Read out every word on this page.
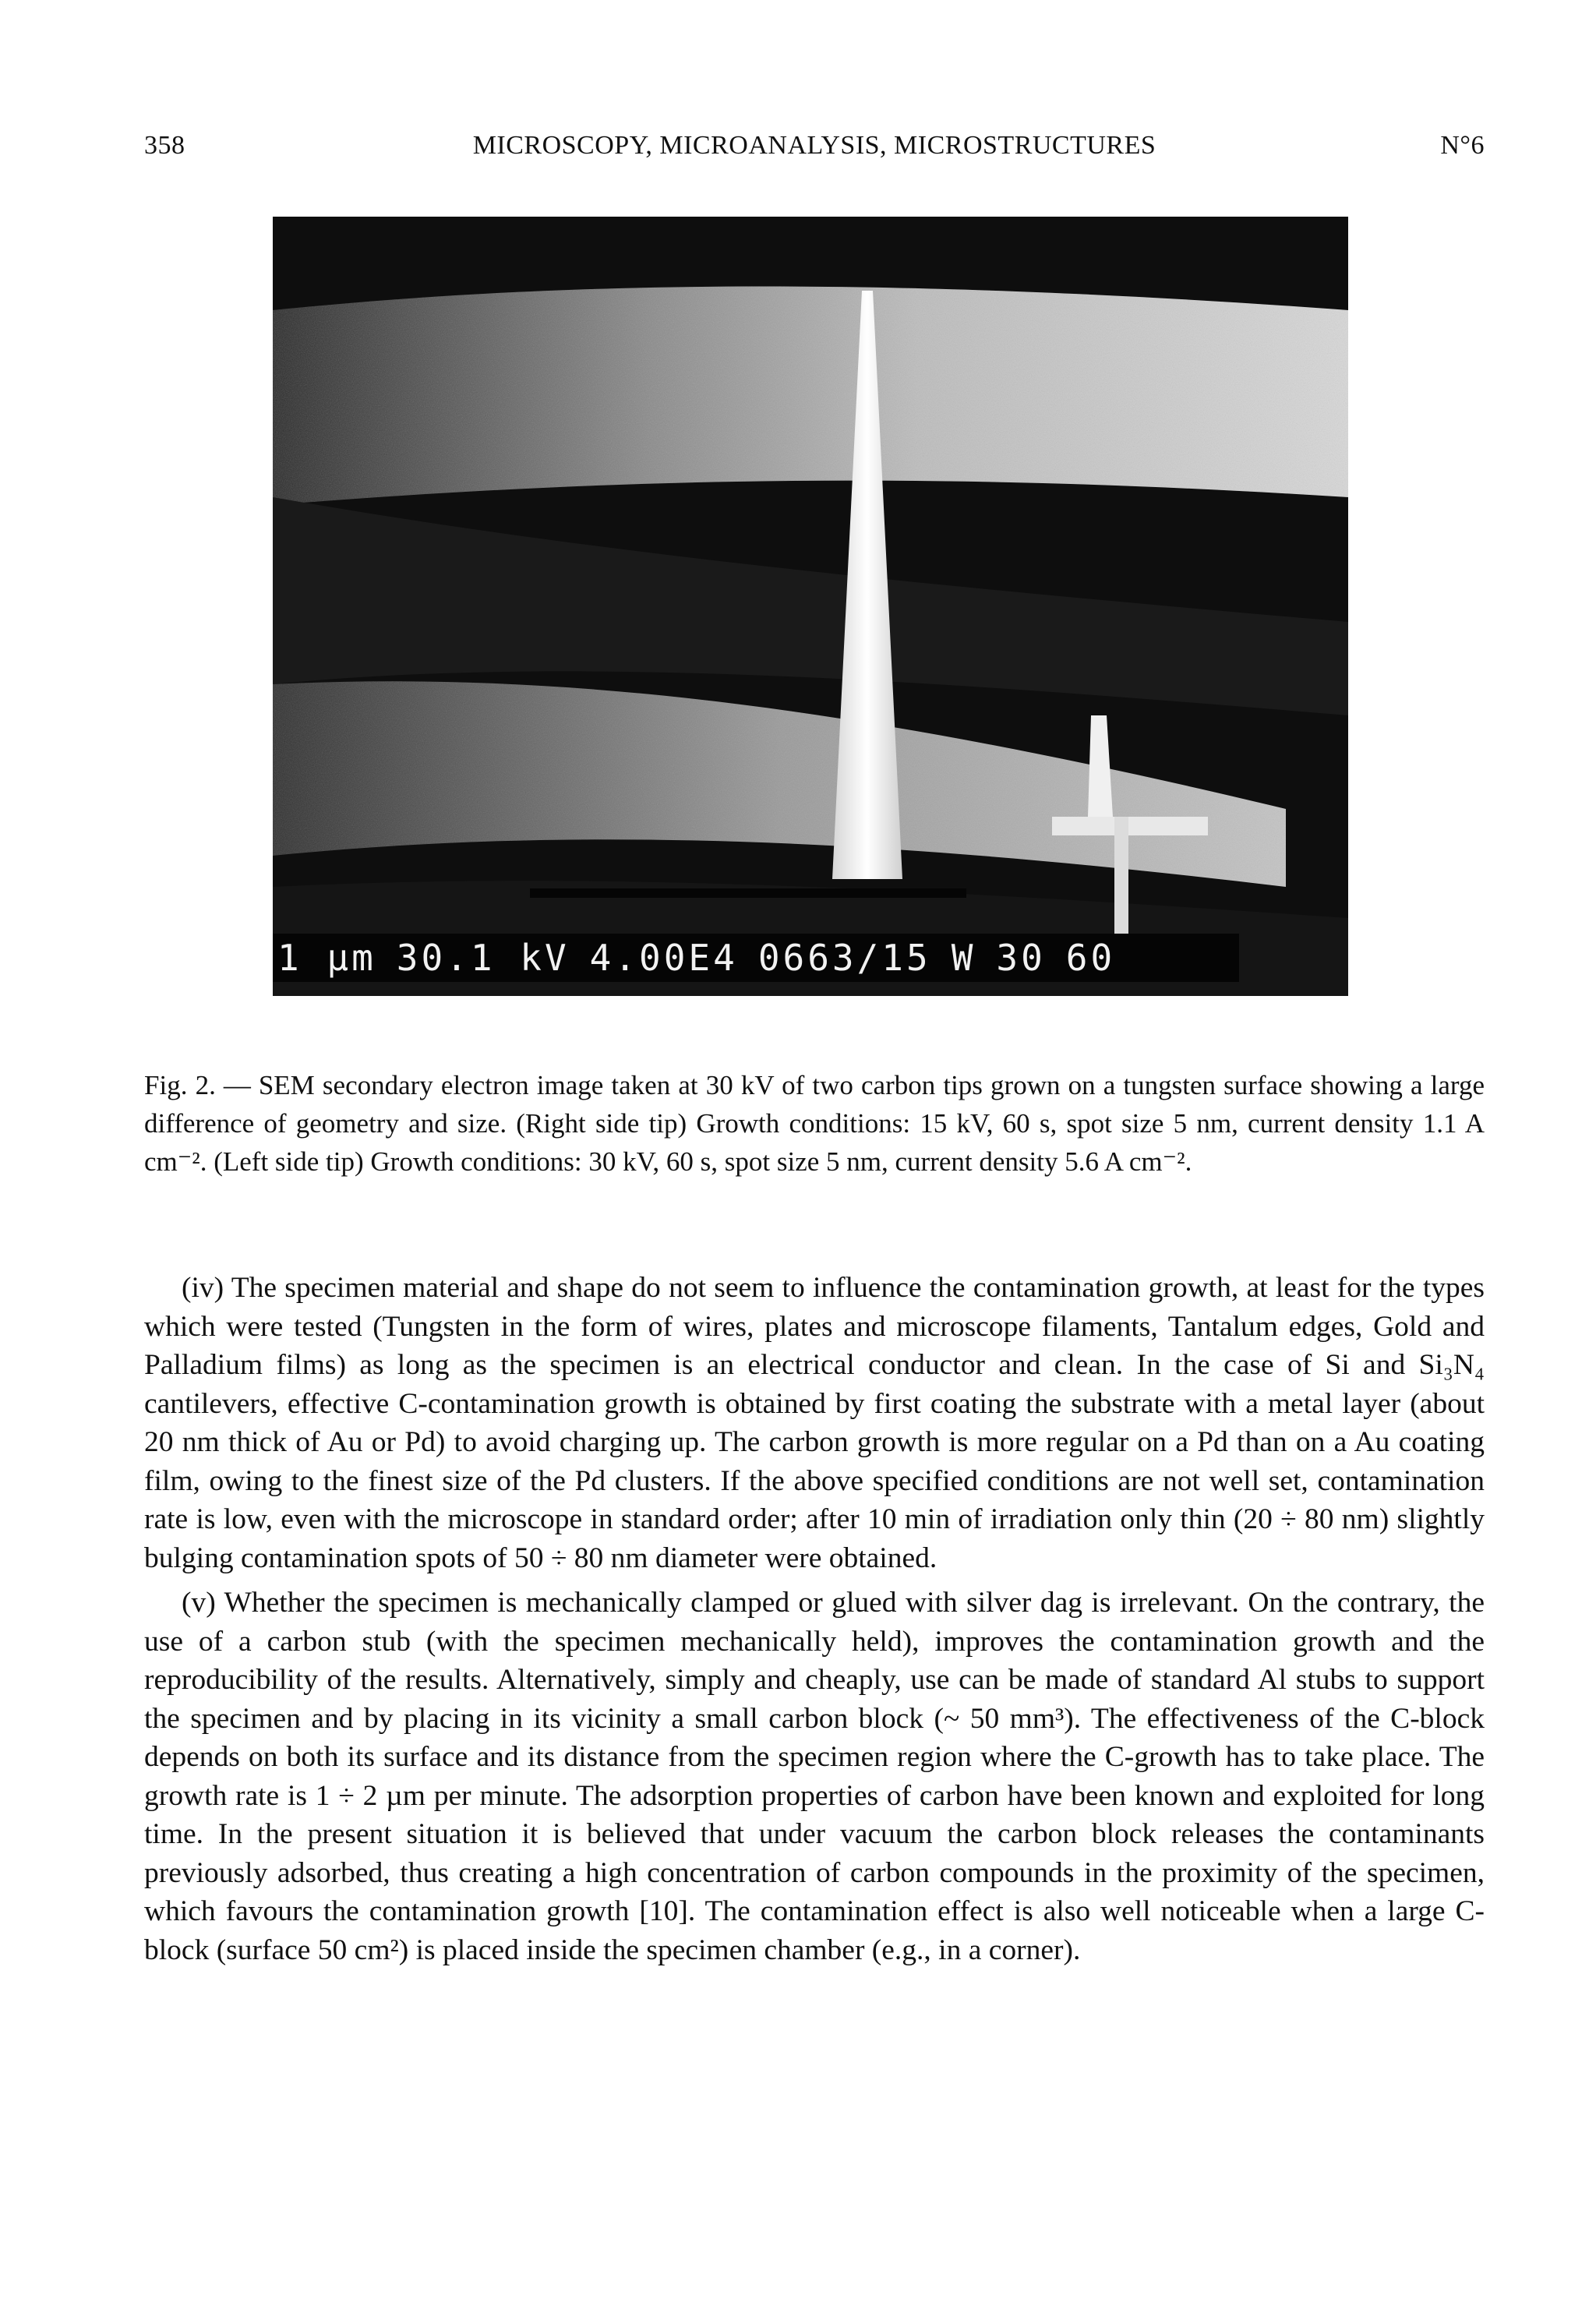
358	MICROSCOPY, MICROANALYSIS, MICROSTRUCTURES	N°6
1 µm 30.1 kV 4.00E4 0663/15 W 30 60
Fig. 2. — SEM secondary electron image taken at 30 kV of two carbon tips grown on a tungsten surface showing a large difference of geometry and size. (Right side tip) Growth conditions: 15 kV, 60 s, spot size 5 nm, current density 1.1 A cm⁻². (Left side tip) Growth conditions: 30 kV, 60 s, spot size 5 nm, current density 5.6 A cm⁻².

(iv) The specimen material and shape do not seem to influence the contamination growth, at least for the types which were tested (Tungsten in the form of wires, plates and microscope filaments, Tantalum edges, Gold and Palladium films) as long as the specimen is an electrical conductor and clean. In the case of Si and Si₃N₄ cantilevers, effective C-contamination growth is obtained by first coating the substrate with a metal layer (about 20 nm thick of Au or Pd) to avoid charging up. The carbon growth is more regular on a Pd than on a Au coating film, owing to the finest size of the Pd clusters. If the above specified conditions are not well set, contamination rate is low, even with the microscope in standard order; after 10 min of irradiation only thin (20 ÷ 80 nm) slightly bulging contamination spots of 50 ÷ 80 nm diameter were obtained.

(v) Whether the specimen is mechanically clamped or glued with silver dag is irrelevant. On the contrary, the use of a carbon stub (with the specimen mechanically held), improves the contamination growth and the reproducibility of the results. Alternatively, simply and cheaply, use can be made of standard Al stubs to support the specimen and by placing in its vicinity a small carbon block (~ 50 mm³). The effectiveness of the C-block depends on both its surface and its distance from the specimen region where the C-growth has to take place. The growth rate is 1 ÷ 2 µm per minute. The adsorption properties of carbon have been known and exploited for long time. In the present situation it is believed that under vacuum the carbon block releases the contaminants previously adsorbed, thus creating a high concentration of carbon compounds in the proximity of the specimen, which favours the contamination growth [10]. The contamination effect is also well noticeable when a large C-block (surface 50 cm²) is placed inside the specimen chamber (e.g., in a corner).
